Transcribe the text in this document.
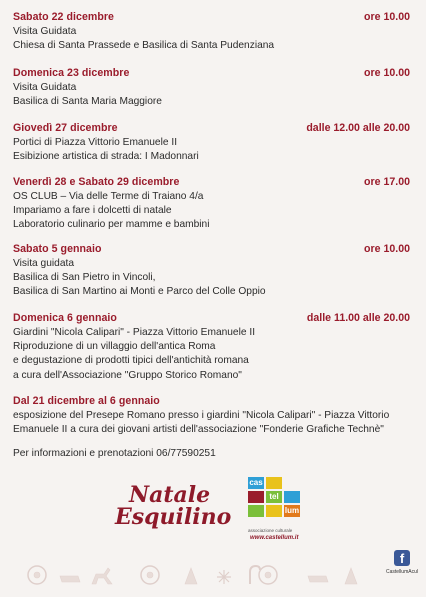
Sabato 22 dicembre	ore 10.00
Visita Guidata
Chiesa di Santa Prassede e Basilica di Santa Pudenziana
Domenica 23 dicembre	ore 10.00
Visita Guidata
Basilica di Santa Maria Maggiore
Giovedì 27 dicembre	dalle 12.00 alle 20.00
Portici di Piazza Vittorio Emanuele II
Esibizione artistica di strada: I Madonnari
Venerdì 28 e Sabato 29 dicembre	ore 17.00
OS CLUB – Via delle Terme di Traiano 4/a
Impariamo a fare i dolcetti di natale
Laboratorio culinario per mamme e bambini
Sabato 5 gennaio	ore 10.00
Visita guidata
Basilica di San Pietro in Vincoli,
Basilica di San Martino ai Monti e Parco del Colle Oppio
Domenica 6 gennaio	dalle 11.00 alle 20.00
Giardini "Nicola Calipari" - Piazza Vittorio Emanuele II
Riproduzione di un villaggio dell'antica Roma
e degustazione di prodotti tipici dell'antichità romana
a cura dell'Associazione "Gruppo Storico Romano"
Dal 21 dicembre al 6 gennaio
esposizione del Presepe Romano presso i giardini "Nicola Calipari" - Piazza Vittorio
Emanuele II a cura dei giovani artisti dell'associazione "Fonderie Grafiche Technè"
Per informazioni e prenotazioni 06/77590251
Natale
Esquilino
cas
tel
lum
associazione culturale
www.castellum.it
f
CastellumAcul
